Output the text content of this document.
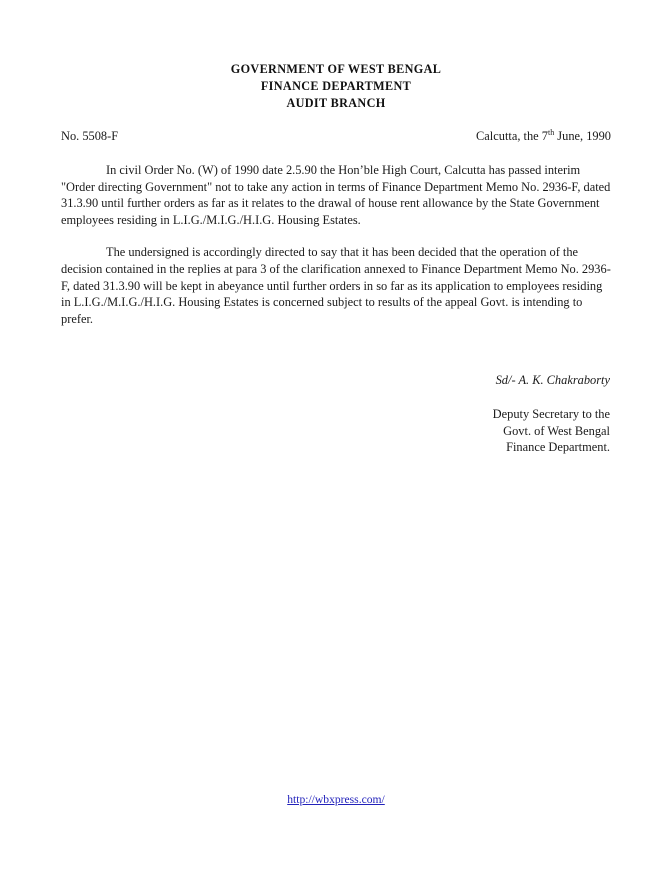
GOVERNMENT OF WEST BENGAL
FINANCE DEPARTMENT
AUDIT BRANCH
No. 5508-F	Calcutta, the 7th June, 1990

In civil Order No. (W) of 1990 date 2.5.90 the Hon’ble High Court, Calcutta has passed interim "Order directing Government" not to take any action in terms of Finance Department Memo No. 2936-F, dated 31.3.90 until further orders as far as it relates to the drawal of house rent allowance by the State Government employees residing in L.I.G./M.I.G./H.I.G. Housing Estates.

The undersigned is accordingly directed to say that it has been decided that the operation of the decision contained in the replies at para 3 of the clarification annexed to Finance Department Memo No. 2936-F, dated 31.3.90 will be kept in abeyance until further orders in so far as its application to employees residing in L.I.G./M.I.G./H.I.G. Housing Estates is concerned subject to results of the appeal Govt. is intending to prefer.

Sd/- A. K. Chakraborty
Deputy Secretary to the
Govt. of West Bengal
Finance Department.
http://wbxpress.com/
